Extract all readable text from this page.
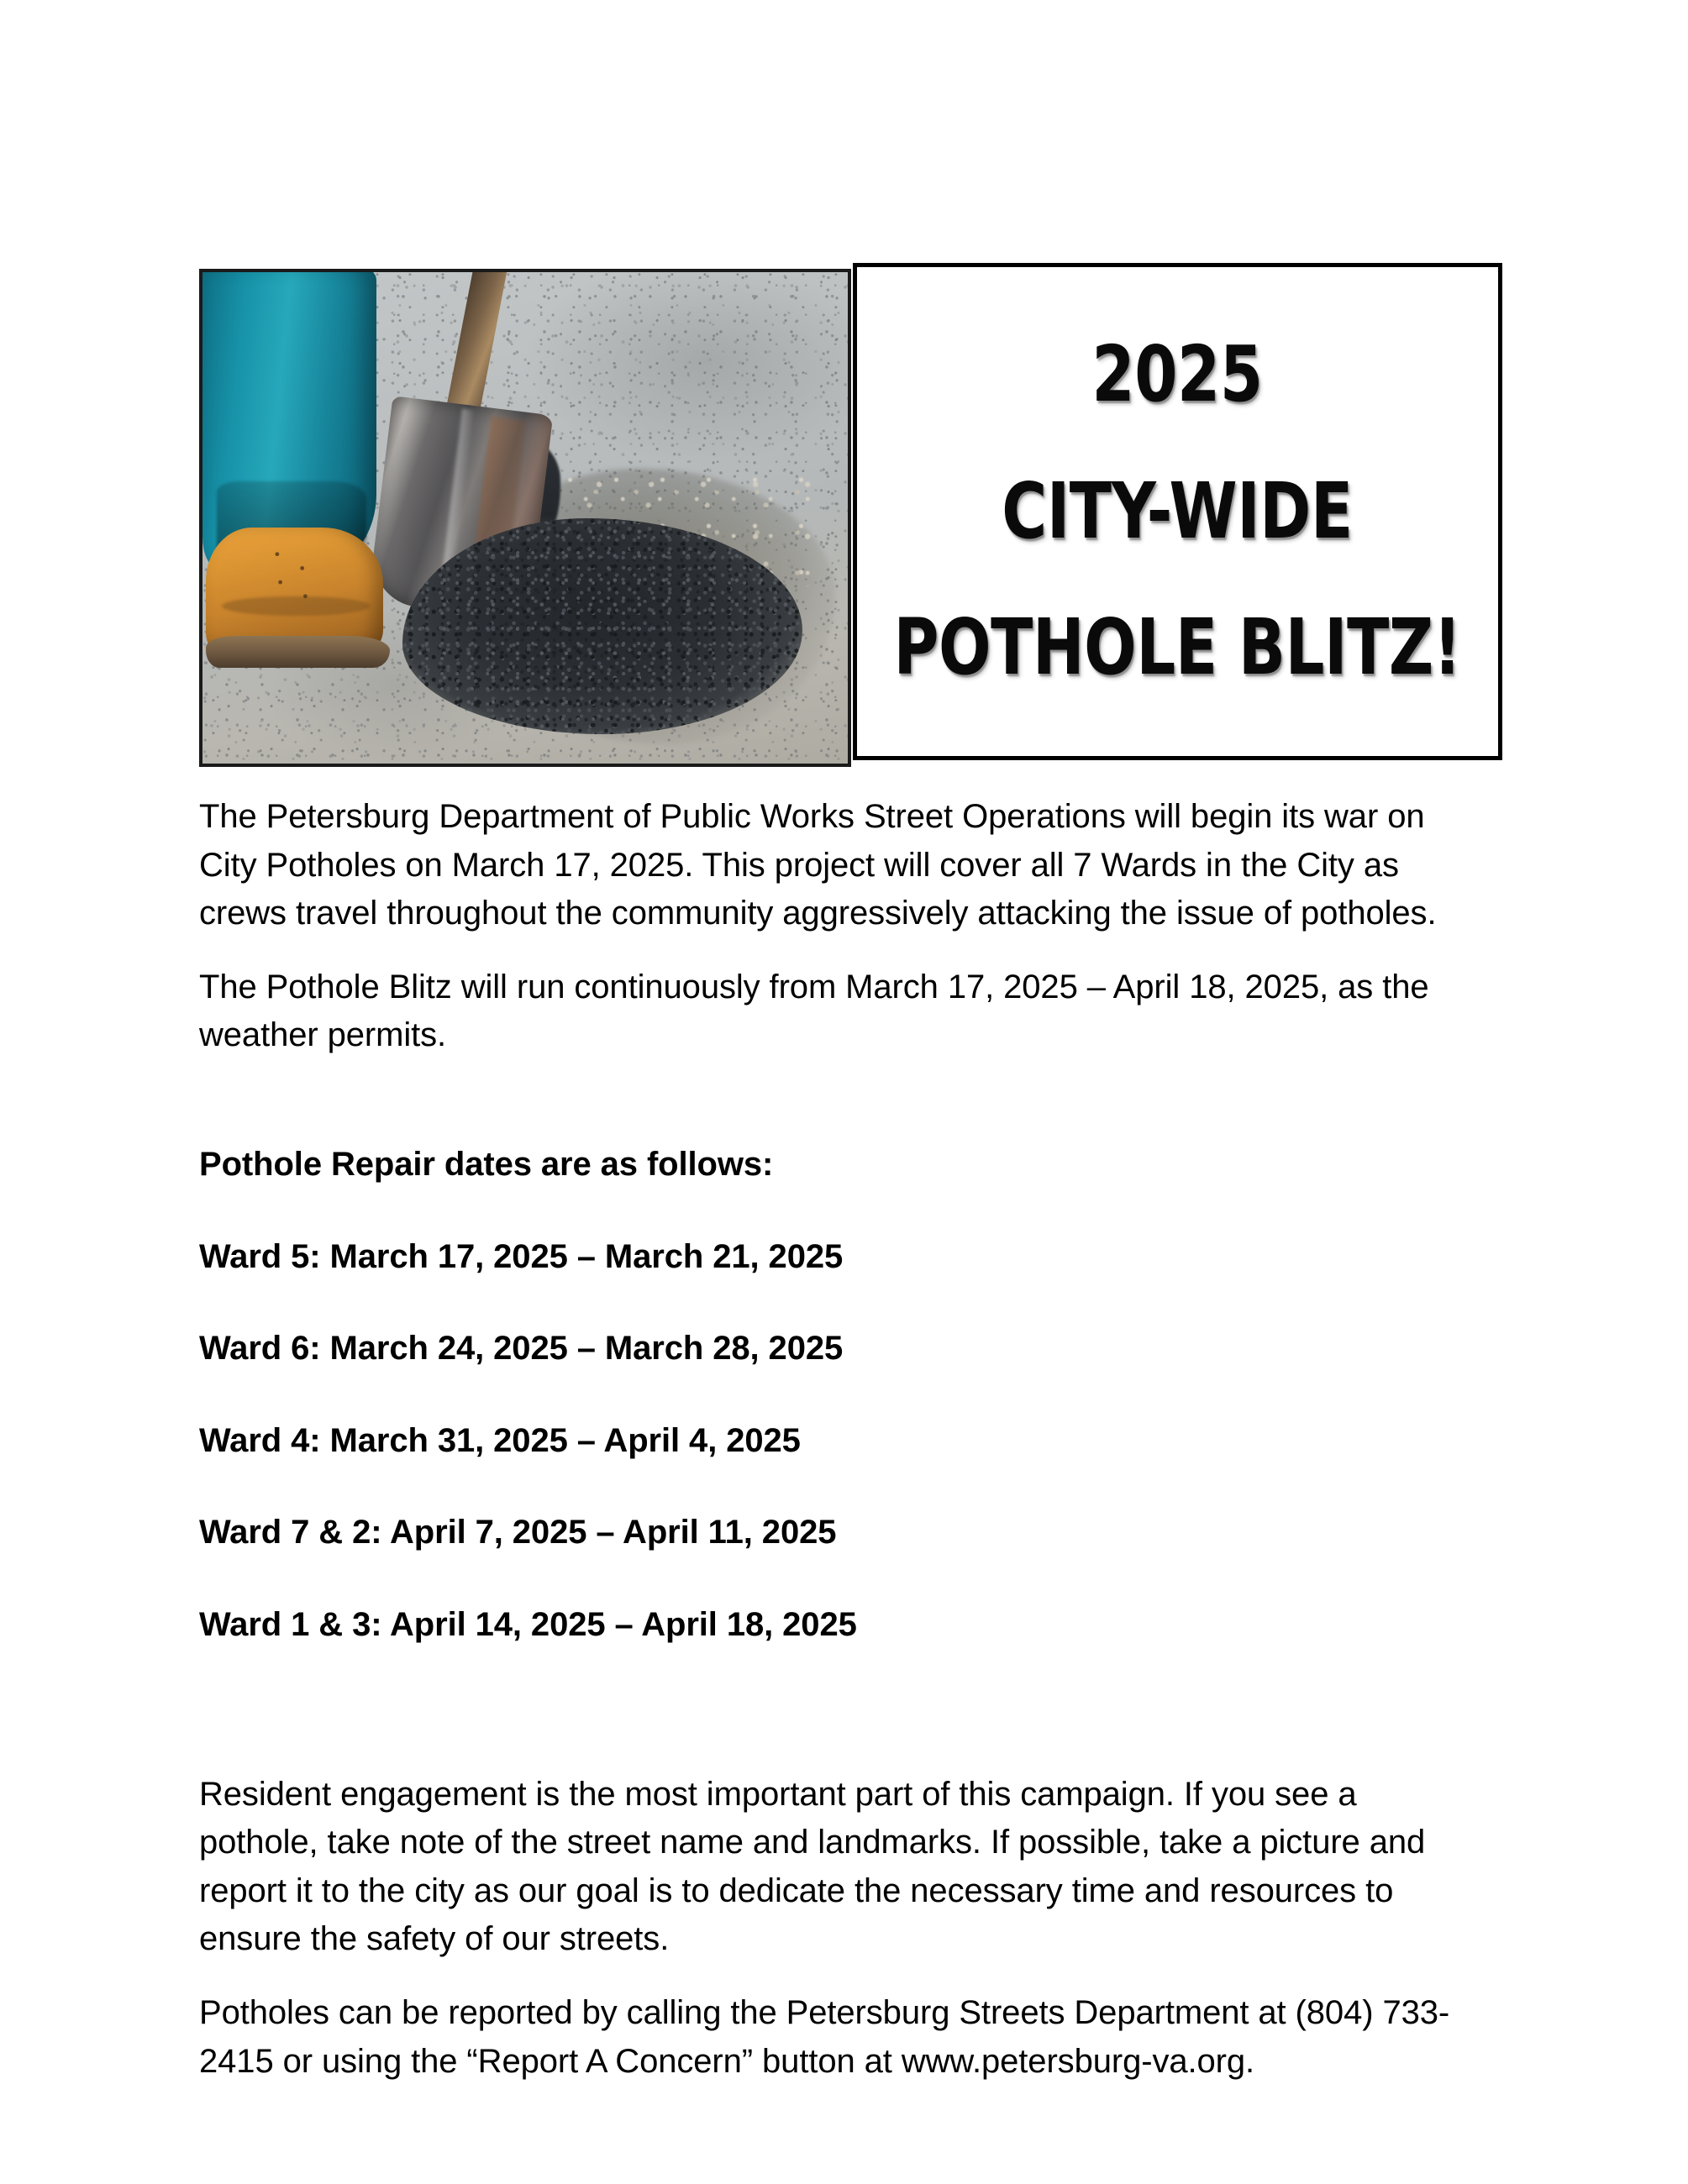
2025
CITY-WIDE
POTHOLE BLITZ!

The Petersburg Department of Public Works Street Operations will begin its war on City Potholes on March 17, 2025. This project will cover all 7 Wards in the City as crews travel throughout the community aggressively attacking the issue of potholes.

The Pothole Blitz will run continuously from March 17, 2025 – April 18, 2025, as the weather permits.

Pothole Repair dates are as follows:

Ward 5: March 17, 2025 – March 21, 2025

Ward 6: March 24, 2025 – March 28, 2025

Ward 4: March 31, 2025 – April 4, 2025

Ward 7 & 2: April 7, 2025 – April 11, 2025

Ward 1 & 3: April 14, 2025 – April 18, 2025

Resident engagement is the most important part of this campaign. If you see a pothole, take note of the street name and landmarks. If possible, take a picture and report it to the city as our goal is to dedicate the necessary time and resources to ensure the safety of our streets.

Potholes can be reported by calling the Petersburg Streets Department at (804) 733-2415 or using the “Report A Concern” button at www.petersburg-va.org.
